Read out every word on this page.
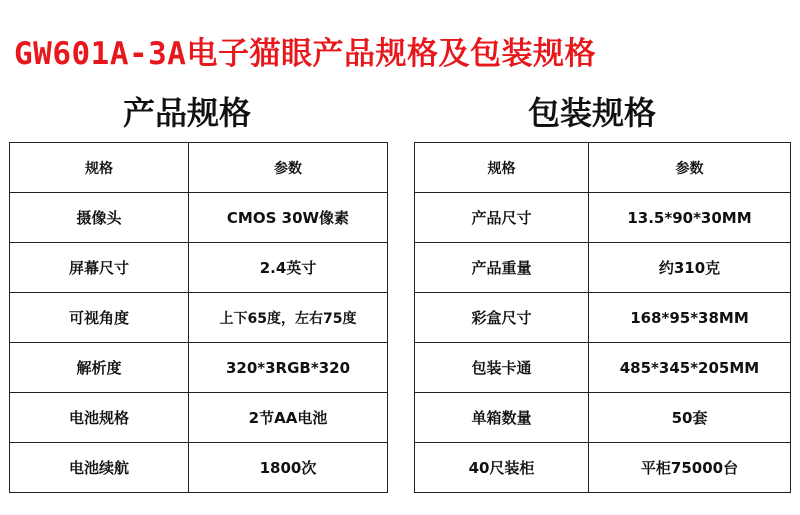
GW601A-3A电子猫眼产品规格及包装规格
产品规格	包装规格
规格	参数
摄像头	CMOS 30W像素
屏幕尺寸	2.4英寸
可视角度	上下65度，左右75度
解析度	320*3RGB*320
电池规格	2节AA电池
电池续航	1800次
规格	参数
产品尺寸	13.5*90*30MM
产品重量	约310克
彩盒尺寸	168*95*38MM
包装卡通	485*345*205MM
单箱数量	50套
40尺装柜	平柜75000台
